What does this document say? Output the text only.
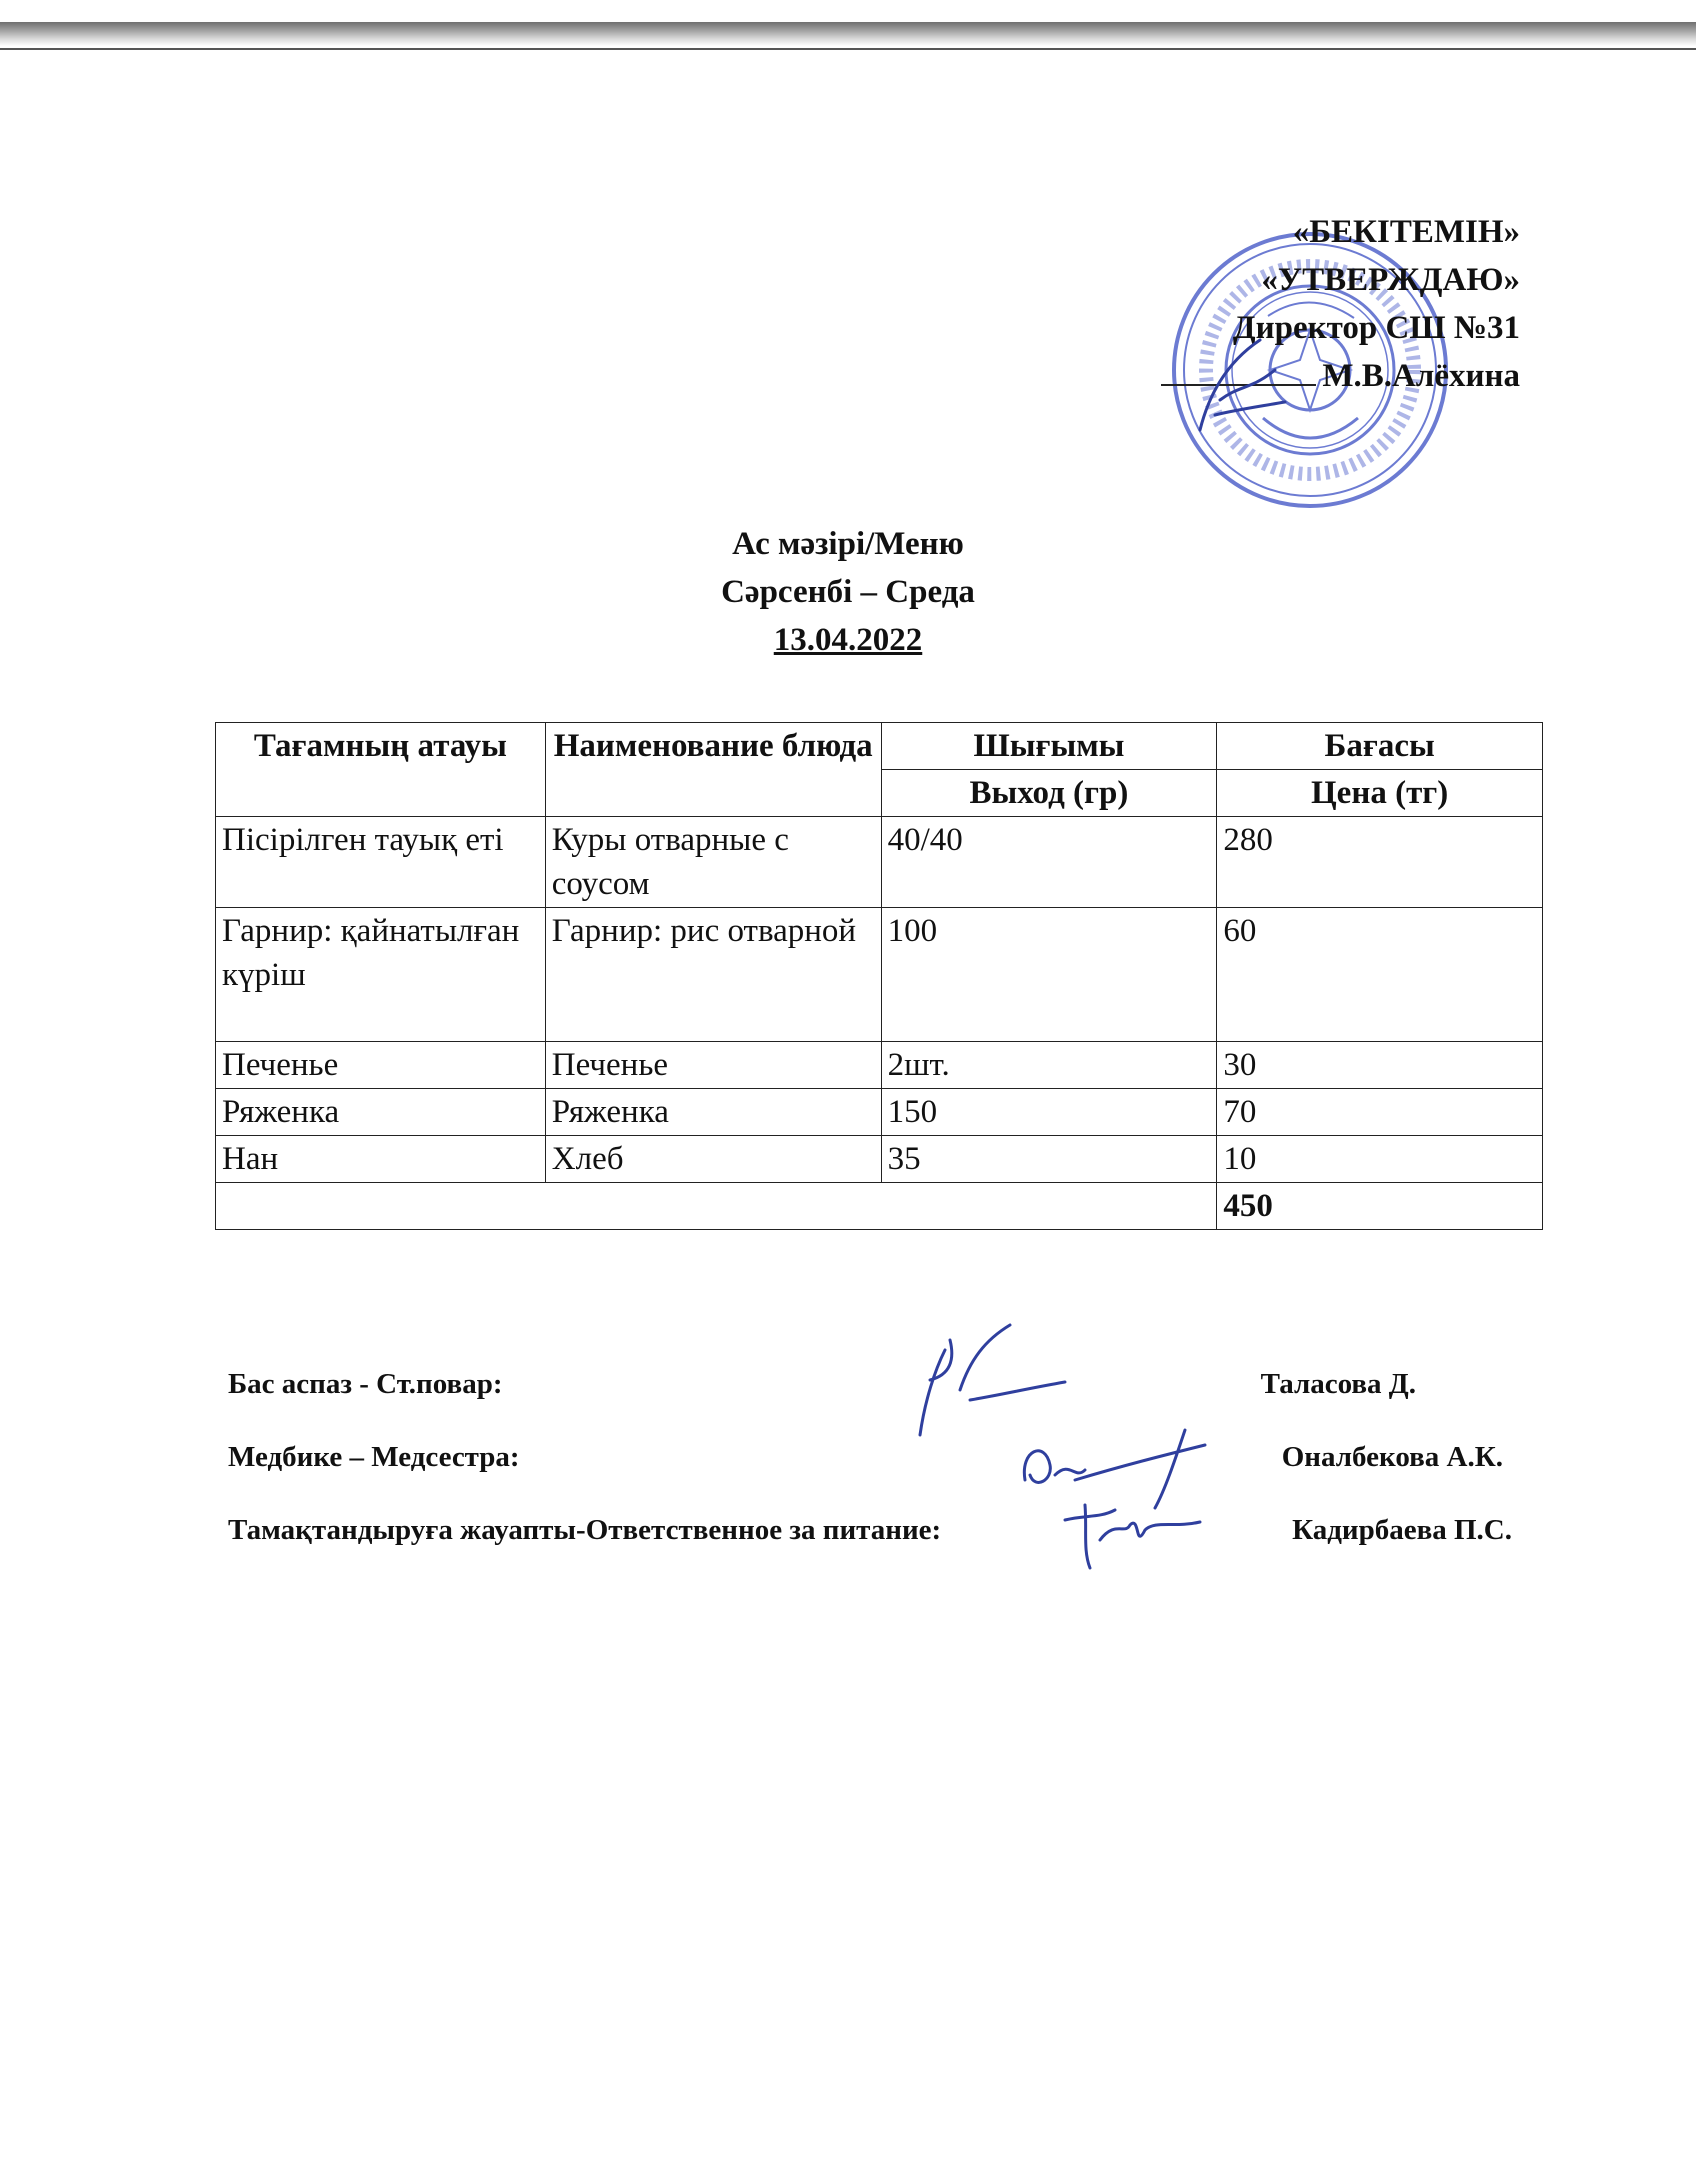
«БЕКІТЕМІН»
«УТВЕРЖДАЮ»
Директор СШ №31
М.В.Алёхина
Ас мәзірі/Меню
Сәрсенбі – Среда
13.04.2022
Тағамның атауы	Наименование блюда	Шығымы	Бағасы
		Выход (гр)	Цена (тг)
Пісірілген тауық еті	Куры отварные с соусом	40/40	280
Гарнир: қайнатылған күріш	Гарнир: рис отварной	100	60
Печенье	Печенье	2шт.	30
Ряженка	Ряженка	150	70
Нан	Хлеб	35	10
			450
Бас аспаз - Ст.повар:	Таласова Д.
Медбике – Медсестра:	Оналбекова А.К.
Тамақтандыруға жауапты-Ответственное за питание:	Кадирбаева П.С.
